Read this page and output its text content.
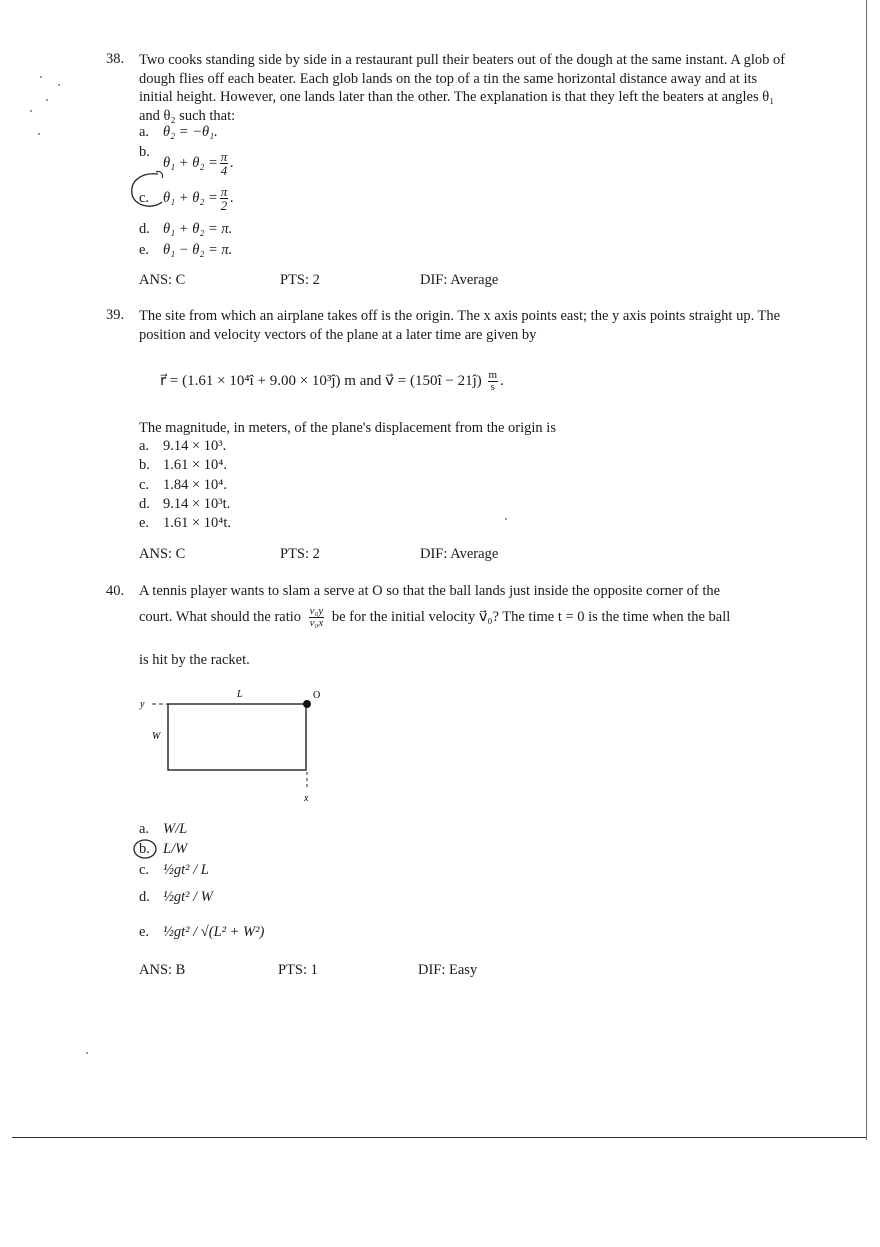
38. Two cooks standing side by side in a restaurant pull their beaters out of the dough at the same instant. A glob of dough flies off each beater. Each glob lands on the top of a tin the same horizontal distance away and at its initial height. However, one lands later than the other. The explanation is that they left the beaters at angles θ₁ and θ₂ such that:
a. θ₂ = −θ₁.
$b.\theta_1 + \theta_2 = \frac{\pi}{4}$ .
c. $\theta_1 + \theta_2 = \frac{\pi}{2}$ .
d. θ₁ + θ₂ = π.
e. θ₁ − θ₂ = π.
ANS: C	PTS: 2	DIF: Average
39. The site from which an airplane takes off is the origin. The x axis points east; the y axis points straight up. The position and velocity vectors of the plane at a later time are given by
r⃗ = (1.61 × 10⁴î + 9.00 × 10³ĵ) m and v⃗ = (150î − 21ĵ) $\frac{m}{s}$ .
The magnitude, in meters, of the plane's displacement from the origin is
a. 9.14 × 10³.
b. 1.61 × 10⁴.
c. 1.84 × 10⁴.
d. 9.14 × 10³t.
e. 1.61 × 10⁴t.
ANS: C	PTS: 2	DIF: Average
40. A tennis player wants to slam a serve at O so that the ball lands just inside the opposite corner of the
court. What should the ratio $\frac{\text{v₀y}}{\text{v₀x}}$ be for the initial velocity v⃗₀? The time t = 0 is the time when the ball
is hit by the racket.
L	O
y
W
x
a. W/L
b. L/W
c. ½gt² / L
d. ½gt² / W
e. ½gt² / √(L² + W²)
ANS: B	PTS: 1	DIF: Easy
